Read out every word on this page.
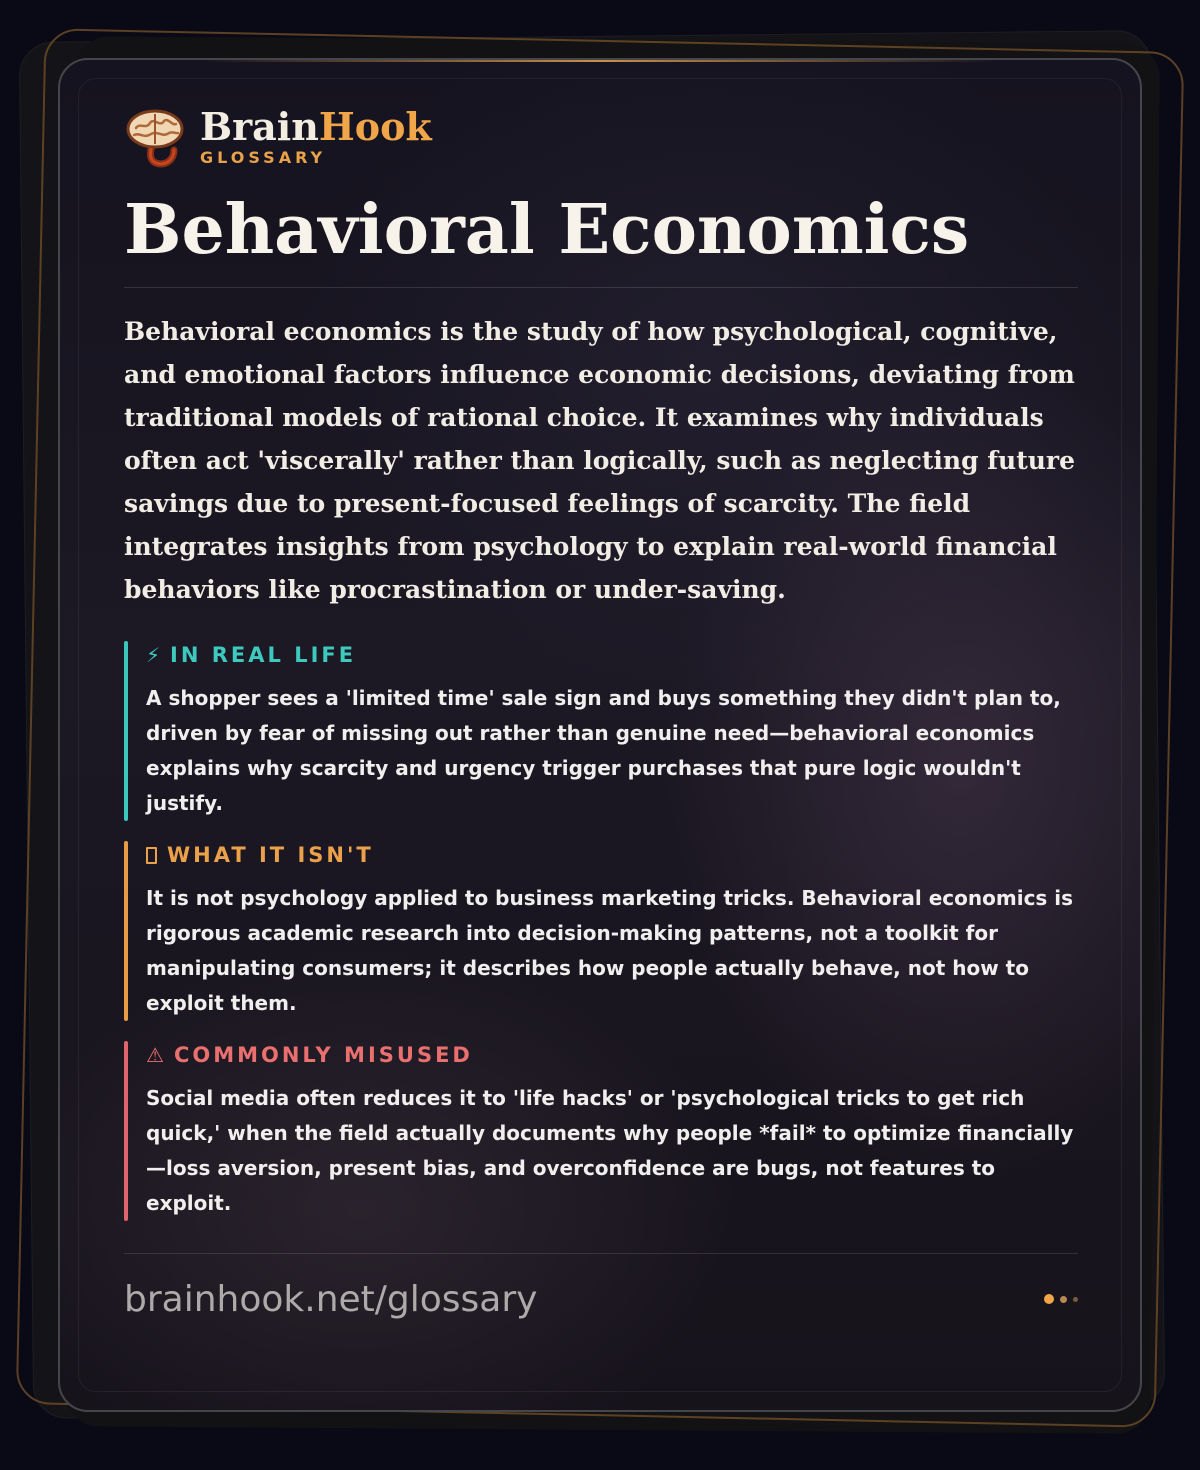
BrainHook
GLOSSARY
Behavioral Economics

Behavioral economics is the study of how psychological, cognitive, and emotional factors influence economic decisions, deviating from traditional models of rational choice. It examines why individuals often act 'viscerally' rather than logically, such as neglecting future savings due to present-focused feelings of scarcity. The field integrates insights from psychology to explain real-world financial behaviors like procrastination or under-saving.

⚡ IN REAL LIFE
A shopper sees a 'limited time' sale sign and buys something they didn't plan to, driven by fear of missing out rather than genuine need—behavioral economics explains why scarcity and urgency trigger purchases that pure logic wouldn't justify.
WHAT IT ISN'T
It is not psychology applied to business marketing tricks. Behavioral economics is rigorous academic research into decision-making patterns, not a toolkit for manipulating consumers; it describes how people actually behave, not how to exploit them.
⚠ COMMONLY MISUSED
Social media often reduces it to 'life hacks' or 'psychological tricks to get rich quick,' when the field actually documents why people *fail* to optimize financially—loss aversion, present bias, and overconfidence are bugs, not features to exploit.
brainhook.net/glossary
